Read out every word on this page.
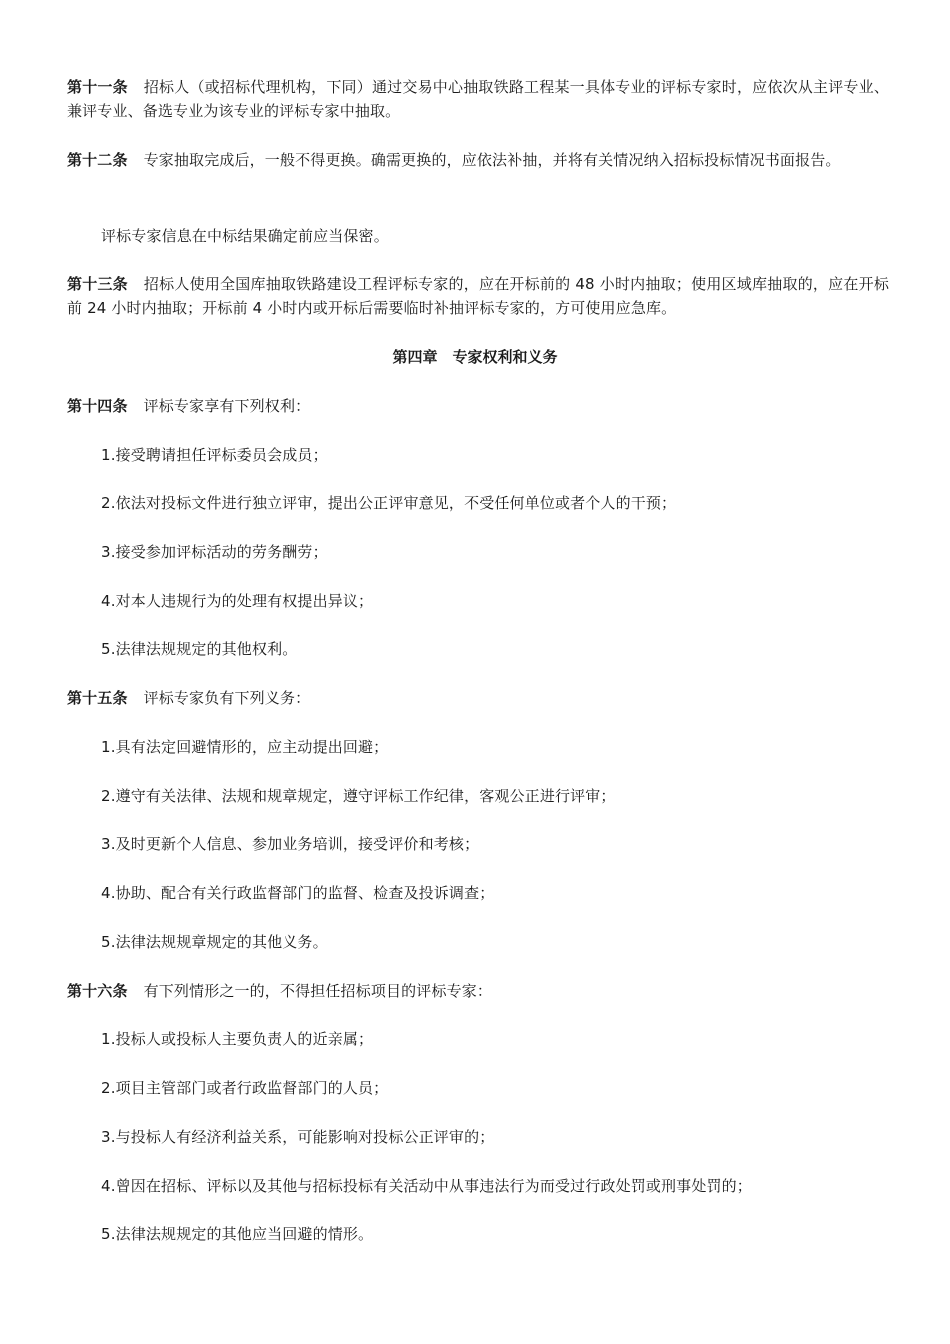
第十一条 招标人（或招标代理机构，下同）通过交易中心抽取铁路工程某一具体专业的评标专家时，应依次从主评专业、兼评专业、备选专业为该专业的评标专家中抽取。
第十二条 专家抽取完成后，一般不得更换。确需更换的，应依法补抽，并将有关情况纳入招标投标情况书面报告。
评标专家信息在中标结果确定前应当保密。
第十三条 招标人使用全国库抽取铁路建设工程评标专家的，应在开标前的 48 小时内抽取；使用区域库抽取的，应在开标前 24 小时内抽取；开标前 4 小时内或开标后需要临时补抽评标专家的，方可使用应急库。
第四章　专家权利和义务
第十四条 评标专家享有下列权利：
1.接受聘请担任评标委员会成员；
2.依法对投标文件进行独立评审，提出公正评审意见，不受任何单位或者个人的干预；
3.接受参加评标活动的劳务酬劳；
4.对本人违规行为的处理有权提出异议；
5.法律法规规定的其他权利。
第十五条 评标专家负有下列义务：
1.具有法定回避情形的，应主动提出回避；
2.遵守有关法律、法规和规章规定，遵守评标工作纪律，客观公正进行评审；
3.及时更新个人信息、参加业务培训，接受评价和考核；
4.协助、配合有关行政监督部门的监督、检查及投诉调查；
5.法律法规规章规定的其他义务。
第十六条 有下列情形之一的，不得担任招标项目的评标专家：
1.投标人或投标人主要负责人的近亲属；
2.项目主管部门或者行政监督部门的人员；
3.与投标人有经济利益关系，可能影响对投标公正评审的；
4.曾因在招标、评标以及其他与招标投标有关活动中从事违法行为而受过行政处罚或刑事处罚的；
5.法律法规规定的其他应当回避的情形。
